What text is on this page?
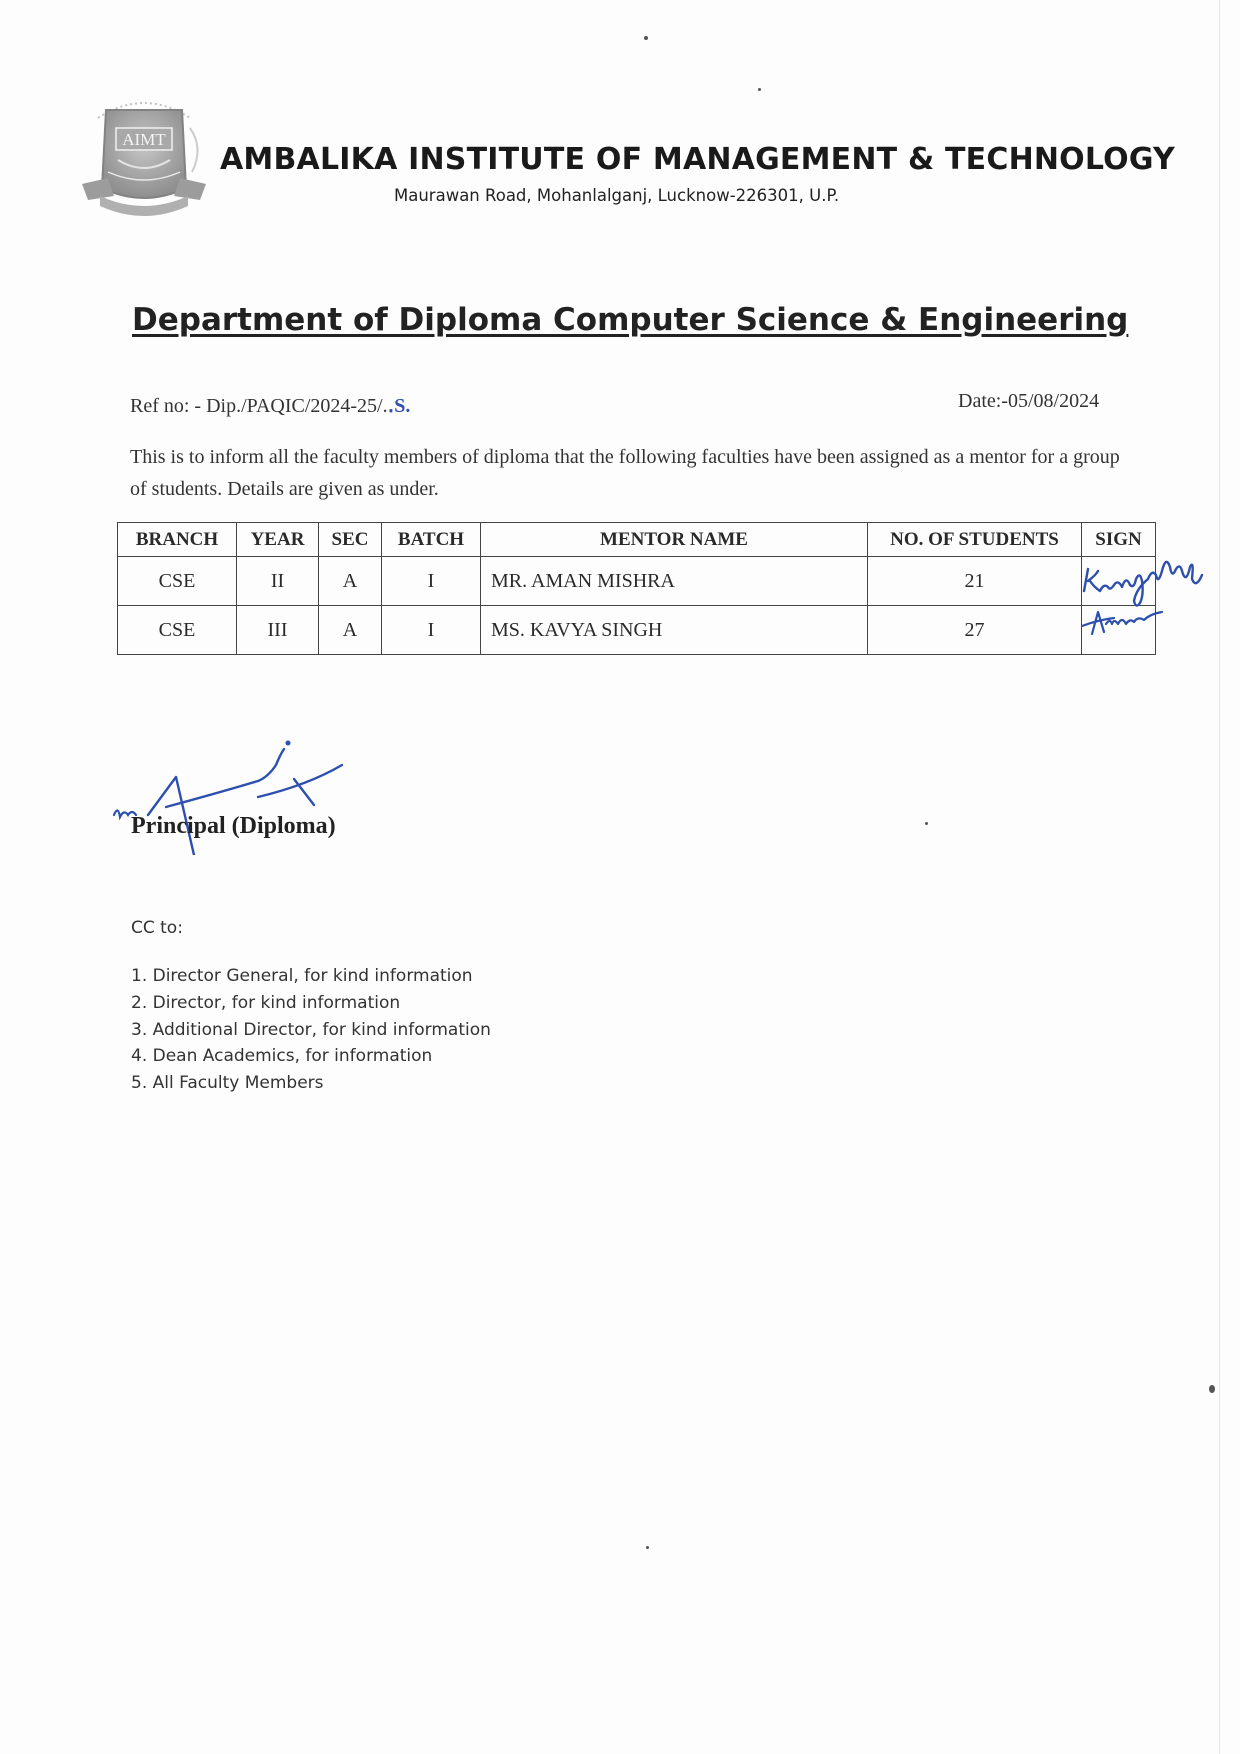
AIMT
AMBALIKA INSTITUTE OF MANAGEMENT & TECHNOLOGY
Maurawan Road, Mohanlalganj, Lucknow-226301, U.P.
Department of Diploma Computer Science & Engineering
Ref no: - Dip./PAQIC/2024-25/.․S.	Date:-05/08/2024
This is to inform all the faculty members of diploma that the following faculties have been assigned as a mentor for a group of students. Details are given as under.
BRANCH	YEAR	SEC	BATCH	MENTOR NAME	NO. OF STUDENTS	SIGN
CSE	II	A	I	MR. AMAN MISHRA	21	

CSE	III	A	I	MS. KAVYA SINGH	27	
Principal (Diploma)
CC to:
1. Director General, for kind information
2. Director, for kind information
3. Additional Director, for kind information
4. Dean Academics, for information
5. All Faculty Members
